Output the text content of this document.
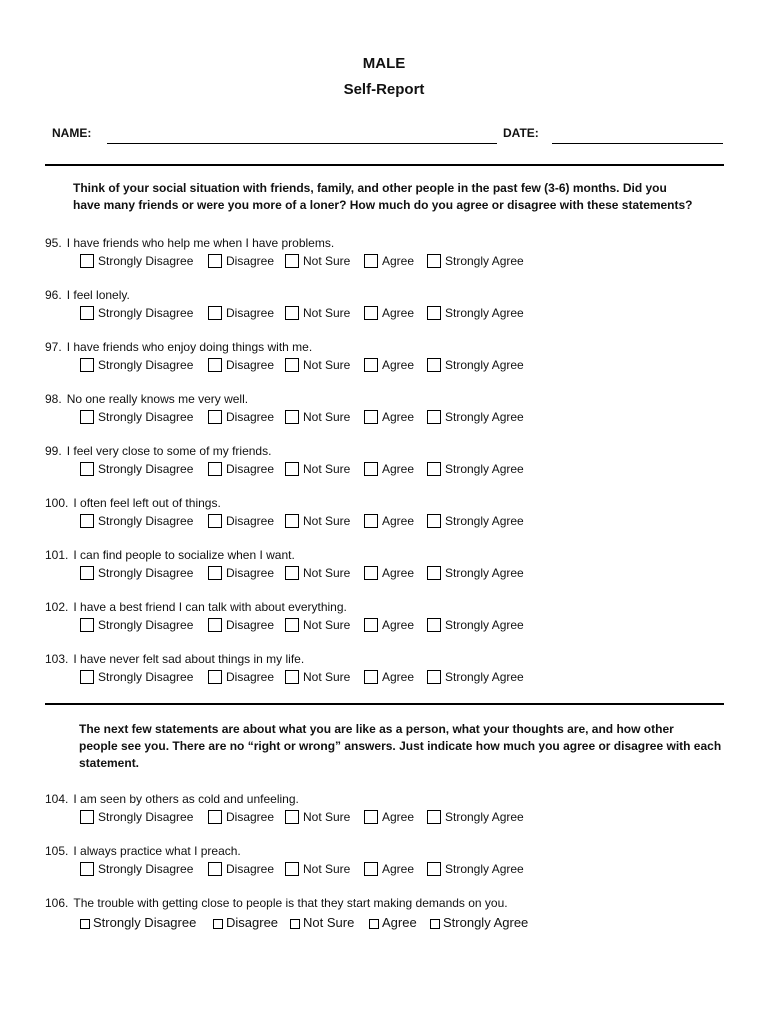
MALE
Self-Report
NAME:	DATE:

Think of your social situation with friends, family, and other people in the past few (3-6) months. Did you

have many friends or were you more of a loner? How much do you agree or disagree with these statements?

95. I have friends who help me when I have problems.
Strongly Disagree	Disagree Not Sure	Agree	Strongly Agree
96. I feel lonely.
Strongly Disagree	Disagree Not Sure	Agree	Strongly Agree
97. I have friends who enjoy doing things with me.
Strongly Disagree	Disagree Not Sure	Agree	Strongly Agree
98. No one really knows me very well.
Strongly Disagree	Disagree Not Sure	Agree	Strongly Agree
99. I feel very close to some of my friends.
Strongly Disagree	Disagree Not Sure	Agree	Strongly Agree
100. I often feel left out of things.
Strongly Disagree	Disagree Not Sure	Agree	Strongly Agree
101. I can find people to socialize when I want.
Strongly Disagree	Disagree Not Sure	Agree	Strongly Agree
102. I have a best friend I can talk with about everything.
Strongly Disagree	Disagree Not Sure	Agree	Strongly Agree
103. I have never felt sad about things in my life.
Strongly Disagree	Disagree Not Sure	Agree	Strongly Agree

The next few statements are about what you are like as a person, what your thoughts are, and how other

people see you. There are no “right or wrong” answers. Just indicate how much you agree or disagree with each

statement.

104. I am seen by others as cold and unfeeling.
Strongly Disagree	Disagree Not Sure	Agree	Strongly Agree
105. I always practice what I preach.
Strongly Disagree	Disagree Not Sure	Agree	Strongly Agree
106. The trouble with getting close to people is that they start making demands on you.
Strongly Disagree Disagree Not Sure Agree Strongly Agree
